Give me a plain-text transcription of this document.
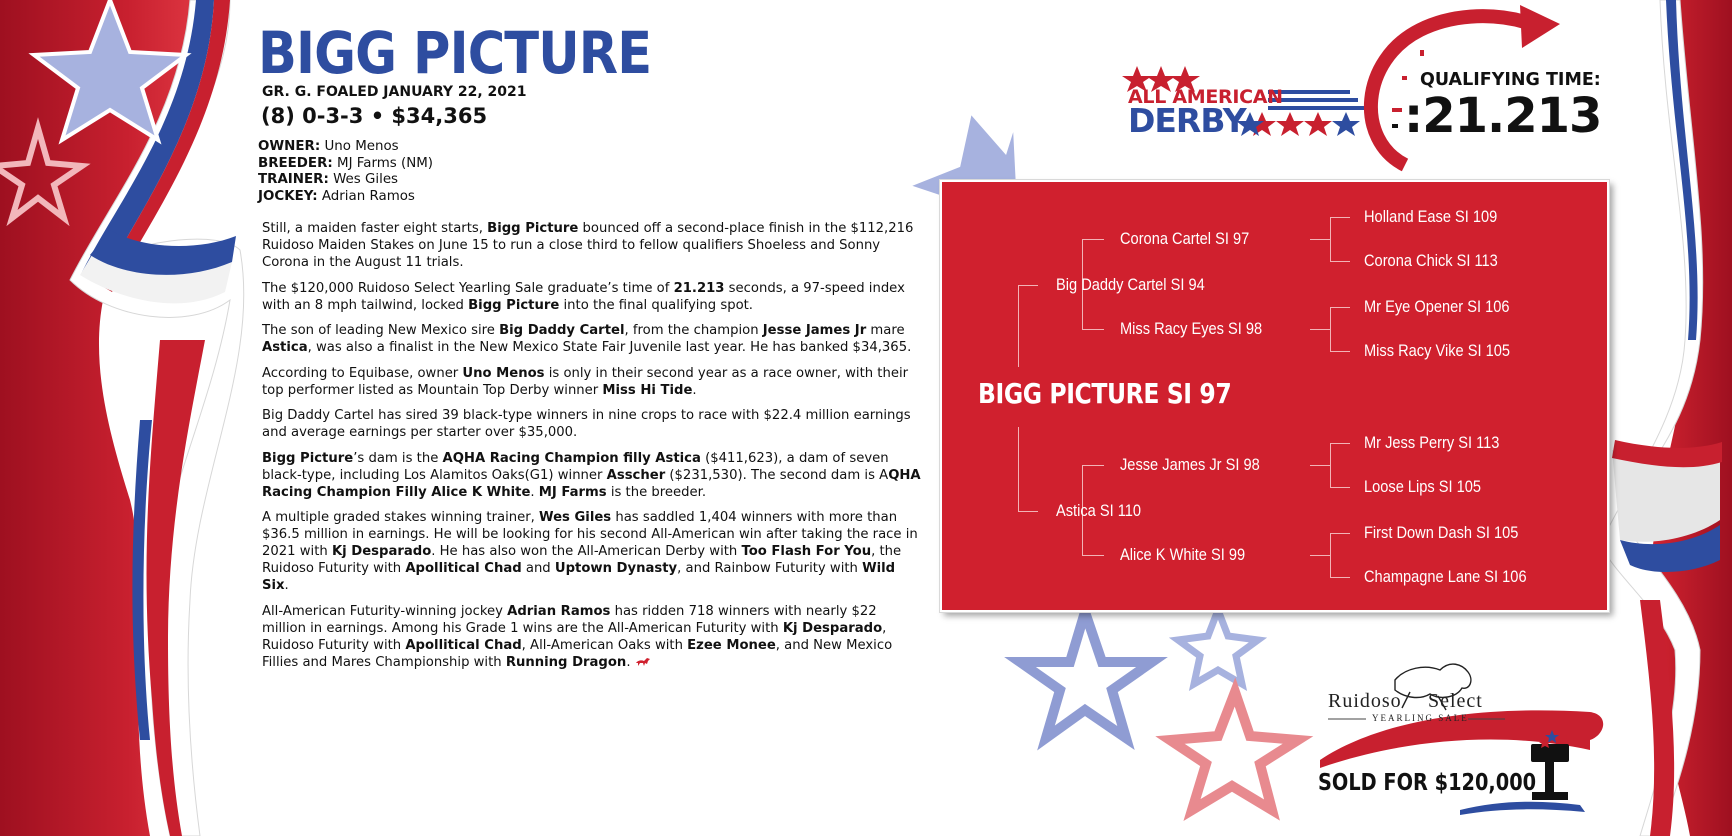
BIGG PICTURE
GR. G. FOALED JANUARY 22, 2021
(8) 0-3-3 • $34,365
OWNER: Uno Menos
BREEDER: MJ Farms (NM)
TRAINER: Wes Giles
JOCKEY: Adrian Ramos

Still, a maiden faster eight starts, Bigg Picture bounced off a second-place finish in the $112,216 Ruidoso Maiden Stakes on June 15 to run a close third to fellow qualifiers Shoeless and Sonny Corona in the August 11 trials.

The $120,000 Ruidoso Select Yearling Sale graduate’s time of 21.213 seconds, a 97-speed index with an 8 mph tailwind, locked Bigg Picture into the final qualifying spot.

The son of leading New Mexico sire Big Daddy Cartel, from the champion Jesse James Jr mare Astica, was also a finalist in the New Mexico State Fair Juvenile last year. He has banked $34,365.

According to Equibase, owner Uno Menos is only in their second year as a race owner, with their top performer listed as Mountain Top Derby winner Miss Hi Tide.

Big Daddy Cartel has sired 39 black-type winners in nine crops to race with $22.4 million earnings and average earnings per starter over $35,000.

Bigg Picture’s dam is the AQHA Racing Champion filly Astica ($411,623), a dam of seven black-type, including Los Alamitos Oaks(G1) winner Asscher ($231,530). The second dam is AQHA Racing Champion Filly Alice K White. MJ Farms is the breeder.

A multiple graded stakes winning trainer, Wes Giles has saddled 1,404 winners with more than $36.5 million in earnings. He will be looking for his second All-American win after taking the race in 2021 with Kj Desparado. He has also won the All-American Derby with Too Flash For You, the Ruidoso Futurity with Apollitical Chad and Uptown Dynasty, and Rainbow Futurity with Wild Six.

All-American Futurity-winning jockey Adrian Ramos has ridden 718 winners with nearly $22 million in earnings. Among his Grade 1 wins are the All-American Futurity with Kj Desparado, Ruidoso Futurity with Apollitical Chad, All-American Oaks with Ezee Monee, and New Mexico Fillies and Mares Championship with Running Dragon.

ALL AMERICAN
DERBY
QUALIFYING TIME:
:21.213
BIGG PICTURE SI 97
Big Daddy Cartel SI 94
Astica SI 110
Corona Cartel SI 97
Miss Racy Eyes SI 98
Jesse James Jr SI 98
Alice K White SI 99
Holland Ease SI 109
Corona Chick SI 113
Mr Eye Opener SI 106
Miss Racy Vike SI 105
Mr Jess Perry SI 113
Loose Lips SI 105
First Down Dash SI 105
Champagne Lane SI 106
Ruidoso Select
YEARLING SALE
SOLD FOR $120,000
